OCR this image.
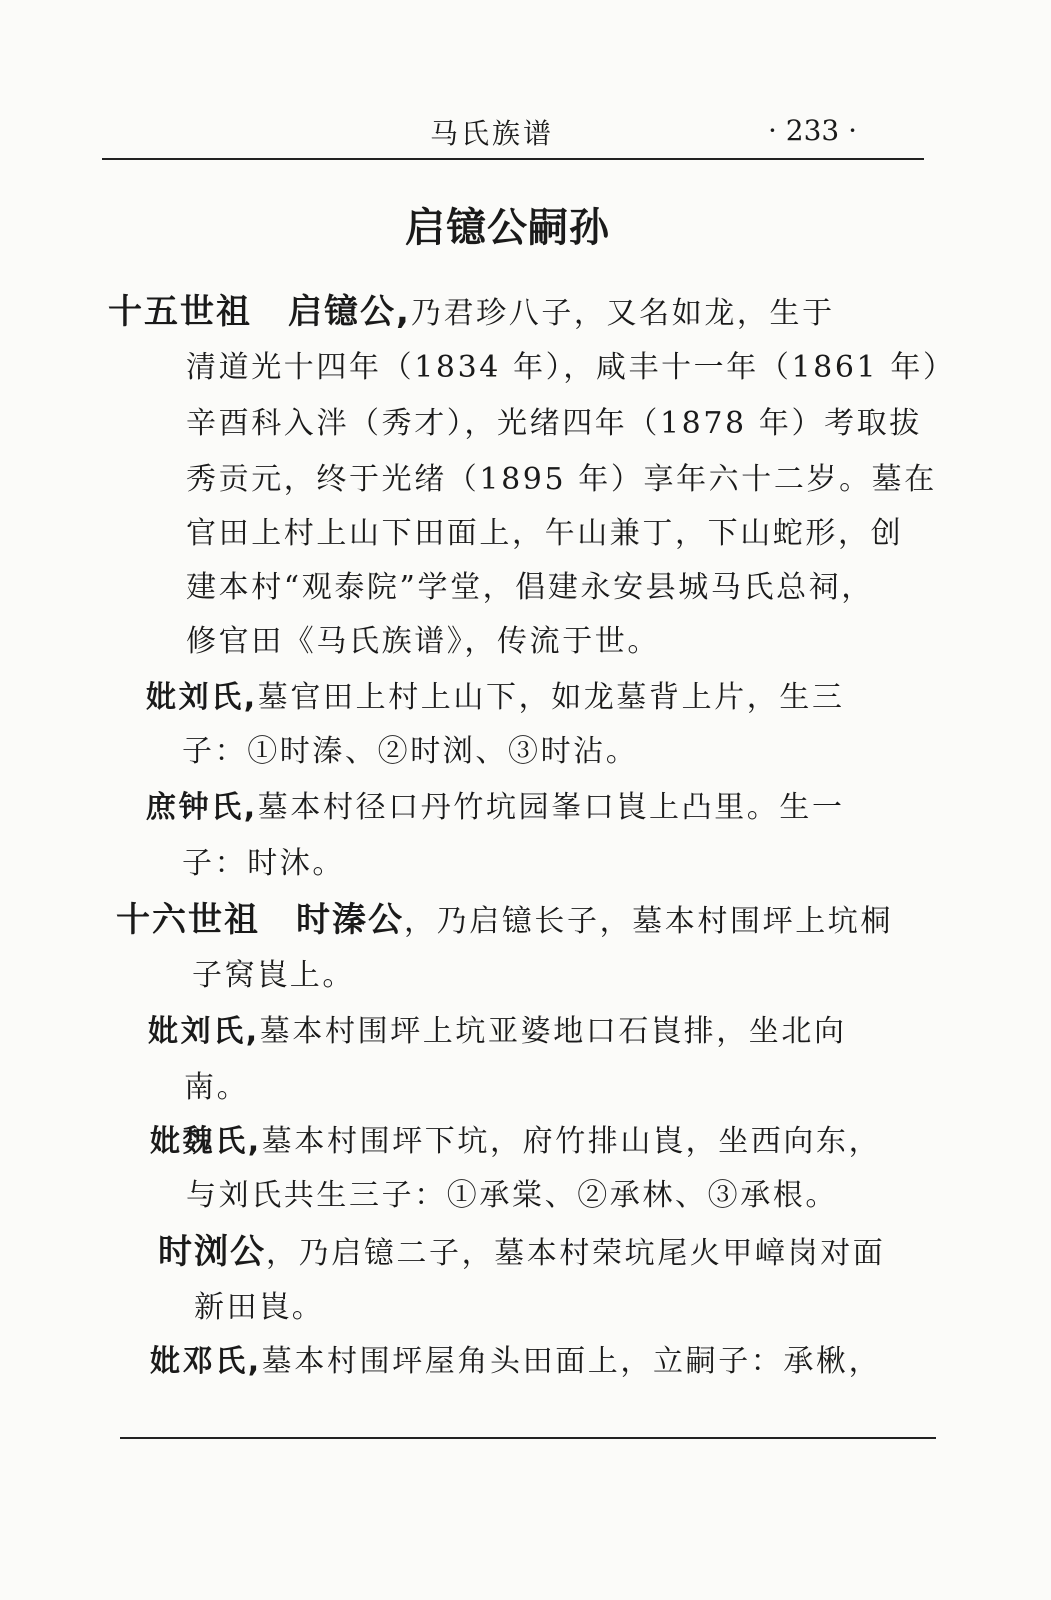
马氏族谱	· 233 ·
启镱公嗣孙
十五世祖 启镱公,乃君珍八子，又名如龙，生于
清道光十四年（1834 年），咸丰十一年（1861 年）
辛酉科入泮（秀才），光绪四年（1878 年）考取拔
秀贡元，终于光绪（1895 年）享年六十二岁。墓在
官田上村上山下田面上，午山兼丁，下山蛇形，创
建本村“观泰院”学堂，倡建永安县城马氏总祠，
修官田《马氏族谱》，传流于世。
妣刘氏,墓官田上村上山下，如龙墓背上片，生三
子：①时溱、②时浏、③时沾。
庶钟氏,墓本村径口丹竹坑园峯口崀上凸里。生一
子：时沐。
十六世祖 时溱公，乃启镱长子，墓本村围坪上坑桐
子窝崀上。
妣刘氏,墓本村围坪上坑亚婆地口石崀排，坐北向
南。
妣魏氏,墓本村围坪下坑，府竹排山崀，坐西向东，
与刘氏共生三子：①承棠、②承林、③承根。
时浏公，乃启镱二子，墓本村荣坑尾火甲嶂岗对面
新田崀。
妣邓氏,墓本村围坪屋角头田面上，立嗣子：承楸，
